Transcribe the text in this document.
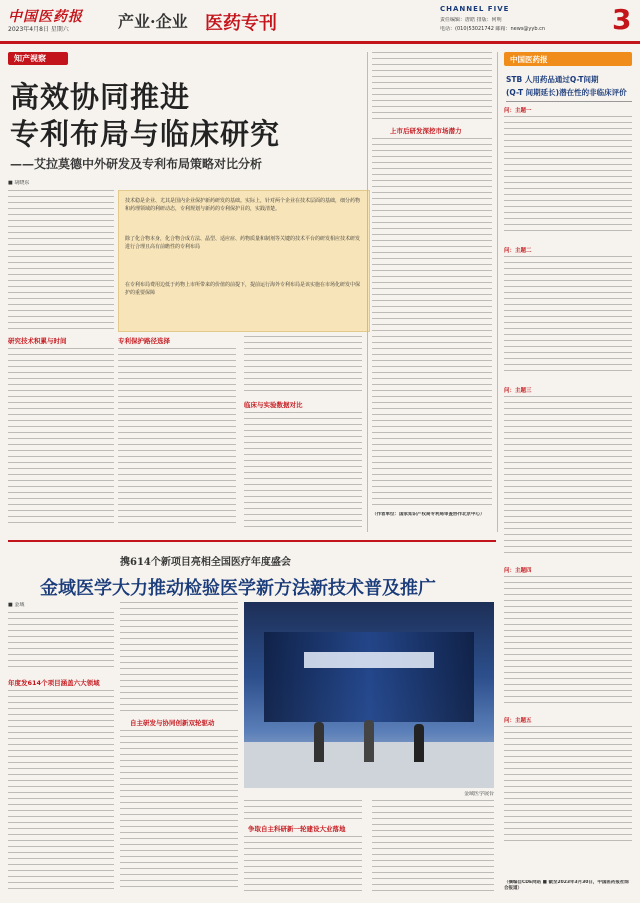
中国医药报
2023年4月8日 星期六	产业·企业 医药专刊
CHANNEL FIVE
责任编辑：唐皓 排版：何明
电话：(010)53021742 邮箱：news@yyb.cn	3
知产视察
高效协同推进
专利布局与临床研究
——艾拉莫德中外研发及专利布局策略对比分析
■ 胡晓东
研究技术积累与时间
技术稳是企业、尤其是国内企业保护新药研发的基础。实际上，针对两个企业在技术层面的基础，细分药物和药理领域的利研动态，专利规划与新药的专利保护目的，实践清楚。
除了化合物本身，化合物合成方法、晶型、适应症、药物质量和制剂等关键的技术平台的研发相应技术研发进行合理且高有前瞻性的专利布局
在专利布局费用边低于药物上市所带来的价值的前提下，提前运行海外专利布局是该实施在市场化研发中保护的重要保障
专利保护路径选择
临床与实验数据对比
上市后研发深挖市场潜力
（作者单位：国家知识产权局专利局审查协作北京中心）
中国医药报
STB 人用药品通过Q-T间期
(Q-T 间期延长)潜在性的非临床评价
问：主题一
问：主题二
问：主题三
问：主题四
问：主题五
（摘编自CDE网站 ■ 截至2023年3月30日，中国医药报社综合报道）
携614个新项目亮相全国医疗年度盛会
金域医学大力推动检验医学新方法新技术普及推广
■ 金域
年度发614个项目涵盖六大领域
自主研发与协同创新双轮驱动
金域医学展台
争取自主科研新一轮建设大业落地
